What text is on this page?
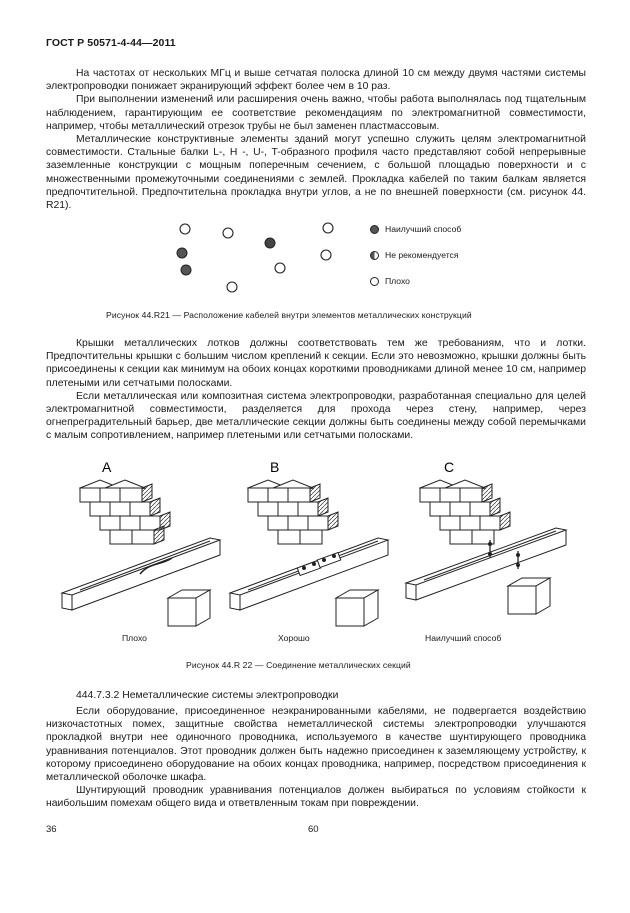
ГОСТ Р 50571-4-44—2011

На частотах от нескольких МГц и выше сетчатая полоска длиной 10 см между двумя частями системы электропроводки понижает экранирующий эффект более чем в 10 раз.

При выполнении изменений или расширения очень важно, чтобы работа выполнялась под тщательным наблюдением, гарантирующим ее соответствие рекомендациям по электромагнитной совместимости, например, чтобы металлический отрезок трубы не был заменен пластмассовым.

Металлические конструктивные элементы зданий могут успешно служить целям электромагнитной совместимости. Стальные балки L-, H -, U-, T-образного профиля часто представляют собой непрерывные заземленные конструкции с мощным поперечным сечением, с большой площадью поверхности и с множественными промежуточными соединениями с землей. Прокладка кабелей по таким балкам является предпочтительной. Предпочтительна прокладка внутри углов, а не по внешней поверхности (см. рисунок 44. R21).

Наилучший способ
Не рекомендуется
Плохо
Рисунок 44.R21 — Расположение кабелей внутри элементов металлических конструкций

Крышки металлических лотков должны соответствовать тем же требованиям, что и лотки. Предпочтительны крышки с большим числом креплений к секции. Если это невозможно, крышки должны быть присоединены к секции как минимум на обоих концах короткими проводниками длиной менее 10 см, например плетеными или сетчатыми полосками.

Если металлическая или композитная система электропроводки, разработанная специально для целей электромагнитной совместимости, разделяется для прохода через стену, например, через огнепреградительный барьер, две металлические секции должны быть соединены между собой перемычками с малым сопротивлением, например плетеными или сетчатыми полосками.

A	B	C
Плохо	Хорошо	Наилучший способ
Рисунок 44.R 22 — Соединение металлических секций
444.7.3.2 Неметаллические системы электропроводки

Если оборудование, присоединенное неэкранированными кабелями, не подвергается воздействию низкочастотных помех, защитные свойства неметаллической системы электропроводки улучшаются прокладкой внутри нее одиночного проводника, используемого в качестве шунтирующего проводника уравнивания потенциалов. Этот проводник должен быть надежно присоединен к заземляющему устройству, к которому присоединено оборудование на обоих концах проводника, например, посредством присоединения к металлической оболочке шкафа.

Шунтирующий проводник уравнивания потенциалов должен выбираться по условиям стойкости к наибольшим помехам общего вида и ответвленным токам при повреждении.

36	60
